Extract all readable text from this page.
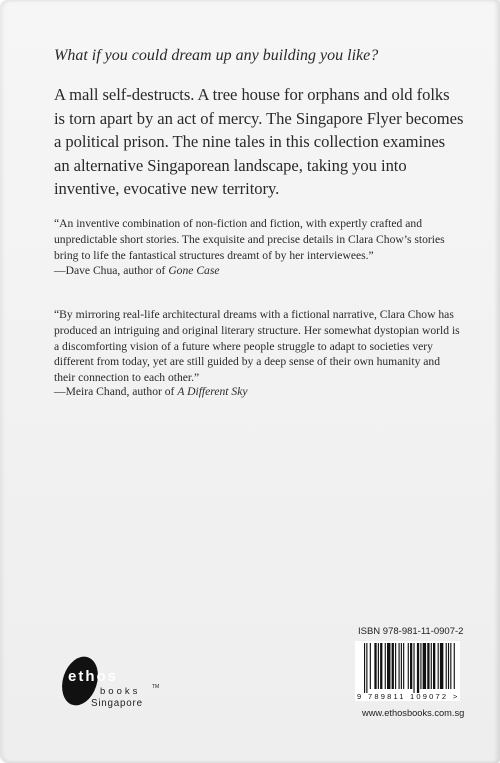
What if you could dream up any building you like?
A mall self-destructs. A tree house for orphans and old folks is torn apart by an act of mercy. The Singapore Flyer becomes a political prison. The nine tales in this collection examines an alternative Singaporean landscape, taking you into inventive, evocative new territory.
“An inventive combination of non-fiction and fiction, with expertly crafted and unpredictable short stories. The exquisite and precise details in Clara Chow’s stories bring to life the fantastical structures dreamt of by her interviewees.”
—Dave Chua, author of Gone Case
“By mirroring real-life architectural dreams with a fictional narrative, Clara Chow has produced an intriguing and original literary structure. Her somewhat dystopian world is a discomforting vision of a future where people struggle to adapt to societies very different from today, yet are still guided by a deep sense of their own humanity and their connection to each other.”
—Meira Chand, author of A Different Sky
ethos
books TM
Singapore
ISBN 978-981-11-0907-2
9 789811 109072 >
www.ethosbooks.com.sg
